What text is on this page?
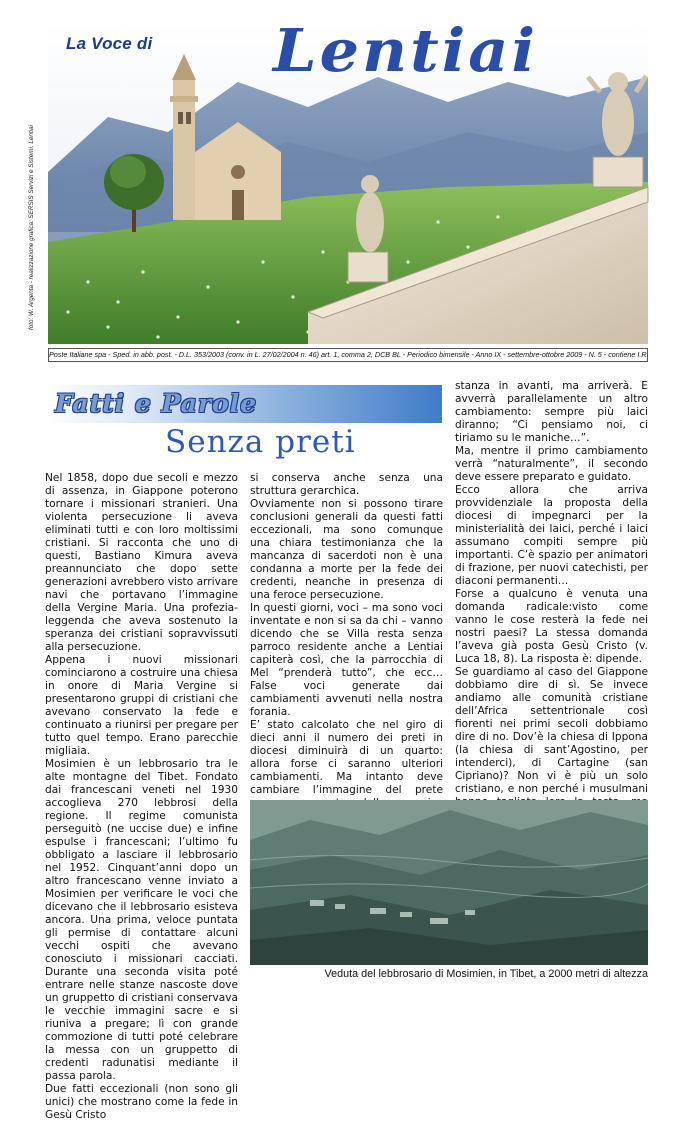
La Voce di Lentiai
foto: W. Argenta - realizzazione grafica: SERSIS Servizi e Sistemi, Lentiai
Poste Italiane spa - Sped. in abb. post. - D.L. 353/2003 (conv. in L. 27/02/2004 n. 46) art. 1, comma 2, DCB BL - Periodico bimensile - Anno IX - settembre-ottobre 2009 - N. 5 - contiene I.R.
Fatti e Parole
Senza preti

Nel 1858, dopo due secoli e mezzo di assenza, in Giappone poterono tornare i missionari stranieri. Una violenta persecuzione li aveva eliminati tutti e con loro moltissimi cristiani. Si racconta che uno di questi, Bastiano Kimura aveva preannunciato che dopo sette generazioni avrebbero visto arrivare navi che portavano l’immagine della Vergine Maria. Una profezia-leggenda che aveva sostenuto la speranza dei cristiani sopravvissuti alla persecuzione.

Appena i nuovi missionari cominciarono a costruire una chiesa in onore di Maria Vergine si presentarono gruppi di cristiani che avevano conservato la fede e continuato a riunirsi per pregare per tutto quel tempo. Erano parecchie migliaia.

Mosimien è un lebbrosario tra le alte montagne del Tibet. Fondato dai francescani veneti nel 1930 accoglieva 270 lebbrosi della regione. Il regime comunista perseguitò (ne uccise due) e infine espulse i francescani; l’ultimo fu obbligato a lasciare il lebbrosario nel 1952. Cinquant’anni dopo un altro francescano venne inviato a Mosimien per verificare le voci che dicevano che il lebbrosario esisteva ancora. Una prima, veloce puntata gli permise di contattare alcuni vecchi ospiti che avevano conosciuto i missionari cacciati. Durante una seconda visita poté entrare nelle stanze nascoste dove un gruppetto di cristiani conservava le vecchie immagini sacre e si riuniva a pregare; lì con grande commozione di tutti poté celebrare la messa con un gruppetto di credenti radunatisi mediante il passa parola.

Due fatti eccezionali (non sono gli unici) che mostrano come la fede in Gesù Cristo

si conserva anche senza una struttura gerarchica.

Ovviamente non si possono tirare conclusioni generali da questi fatti eccezionali, ma sono comunque una chiara testimonianza che la mancanza di sacerdoti non è una condanna a morte per la fede dei credenti, neanche in presenza di una feroce persecuzione.

In questi giorni, voci – ma sono voci inventate e non si sa da chi – vanno dicendo che se Villa resta senza parroco residente anche a Lentiai capiterà così, che la parrocchia di Mel “prenderà tutto”, che ecc… False voci generate dai cambiamenti avvenuti nella nostra forania.

E’ stato calcolato che nel giro di dieci anni il numero dei preti in diocesi diminuirà di un quarto: allora forse ci saranno ulteriori cambiamenti. Ma intanto deve cambiare l’immagine del prete

stanza in avanti, ma arriverà. E avverrà parallelamente un altro cambiamento: sempre più laici diranno; “Ci pensiamo noi, ci tiriamo su le maniche…”.

Ma, mentre il primo cambiamento verrà “naturalmente”, il secondo deve essere preparato e guidato.

Ecco allora che arriva provvidenziale la proposta della diocesi di impegnarci per la ministerialità dei laici, perché i laici assumano compiti sempre più importanti. C’è spazio per animatori di frazione, per nuovi catechisti, per diaconi permanenti…

Forse a qualcuno è venuta una domanda radicale:visto come vanno le cose resterà la fede nei nostri paesi? La stessa domanda l’aveva già posta Gesù Cristo (v. Luca 18, 8). La risposta è: dipende.

Se guardiamo al caso del Giappone dobbiamo dire di sì. Se invece andiamo alle comunità cristiane dell’Africa settentrionale così fiorenti nei primi secoli dobbiamo dire di no. Dov’è la chiesa di Ippona (la chiesa di sant’Agostino, per intenderci), di Cartagine (san Cipriano)? Non vi è più un solo cristiano, e non perché i musulmani

Veduta del lebbrosario di Mosimien, in Tibet, a 2000 metri di altezza
